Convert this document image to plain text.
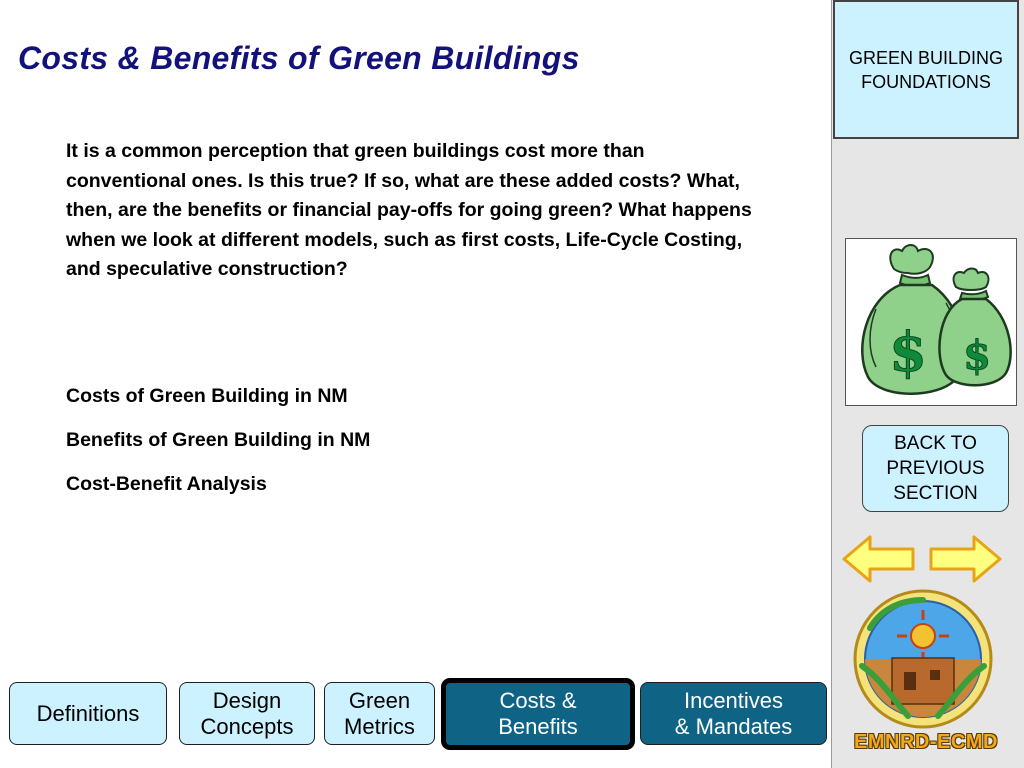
Costs & Benefits of Green Buildings

It is a common perception that green buildings cost more than conventional ones. Is this true? If so, what are these added costs? What, then, are the benefits or financial pay-offs for going green? What happens when we look at different models, such as first costs, Life-Cycle Costing, and speculative construction?

Costs of Green Building in NM
Benefits of Green Building in NM
Cost-Benefit Analysis
Definitions
Design
Concepts
Green
Metrics
Costs &
Benefits
Incentives
& Mandates
GREEN BUILDING FOUNDATIONS
$ $
BACK TO
PREVIOUS
SECTION
EMNRD-ECMD
